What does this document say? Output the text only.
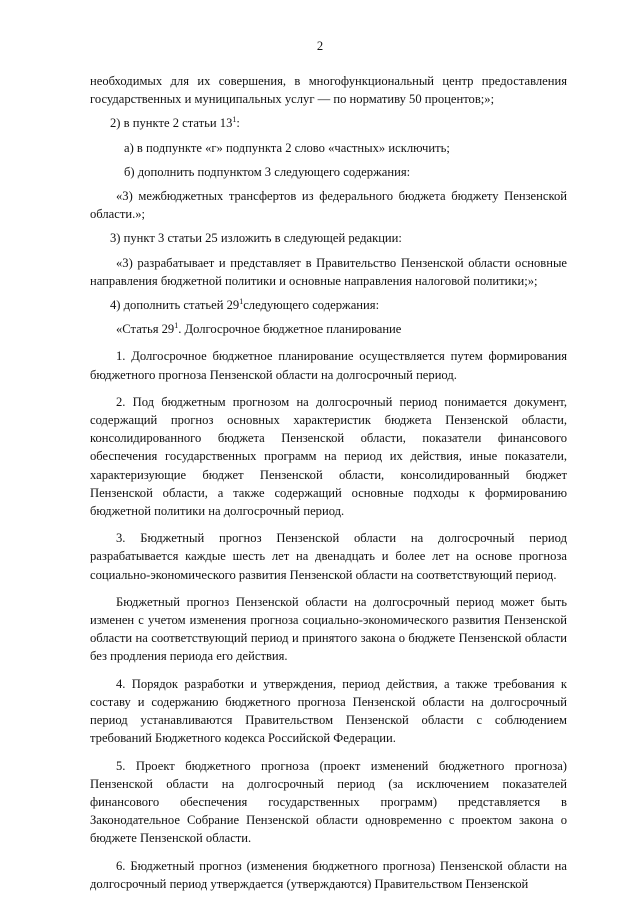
2

необходимых для их совершения, в многофункциональный центр предоставления государственных и муниципальных услуг — по нормативу 50 процентов;»;

2) в пункте 2 статьи $13^1$:

а) в подпункте «г» подпункта 2 слово «частных» исключить;

б) дополнить подпунктом 3 следующего содержания:

«3) межбюджетных трансфертов из федерального бюджета бюджету Пензенской области.»;

3) пункт 3 статьи 25 изложить в следующей редакции:

«3) разрабатывает и представляет в Правительство Пензенской области основные направления бюджетной политики и основные направления налоговой политики;»;

4) дополнить статьей $29^1следующего$ содержания:

«Статья $29^1$. Долгосрочное бюджетное планирование

1. Долгосрочное бюджетное планирование осуществляется путем формирования бюджетного прогноза Пензенской области на долгосрочный период.

2. Под бюджетным прогнозом на долгосрочный период понимается документ, содержащий прогноз основных характеристик бюджета Пензенской области, консолидированного бюджета Пензенской области, показатели финансового обеспечения государственных программ на период их действия, иные показатели, характеризующие бюджет Пензенской области, консолидированный бюджет Пензенской области, а также содержащий основные подходы к формированию бюджетной политики на долгосрочный период.

3. Бюджетный прогноз Пензенской области на долгосрочный период разрабатывается каждые шесть лет на двенадцать и более лет на основе прогноза социально-экономического развития Пензенской области на соответствующий период.

Бюджетный прогноз Пензенской области на долгосрочный период может быть изменен с учетом изменения прогноза социально-экономического развития Пензенской области на соответствующий период и принятого закона о бюджете Пензенской области без продления периода его действия.

4. Порядок разработки и утверждения, период действия, а также требования к составу и содержанию бюджетного прогноза Пензенской области на долгосрочный период устанавливаются Правительством Пензенской области с соблюдением требований Бюджетного кодекса Российской Федерации.

5. Проект бюджетного прогноза (проект изменений бюджетного прогноза) Пензенской области на долгосрочный период (за исключением показателей финансового обеспечения государственных программ) представляется в Законодательное Собрание Пензенской области одновременно с проектом закона о бюджете Пензенской области.

6. Бюджетный прогноз (изменения бюджетного прогноза) Пензенской области на долгосрочный период утверждается (утверждаются) Правительством Пензенской
